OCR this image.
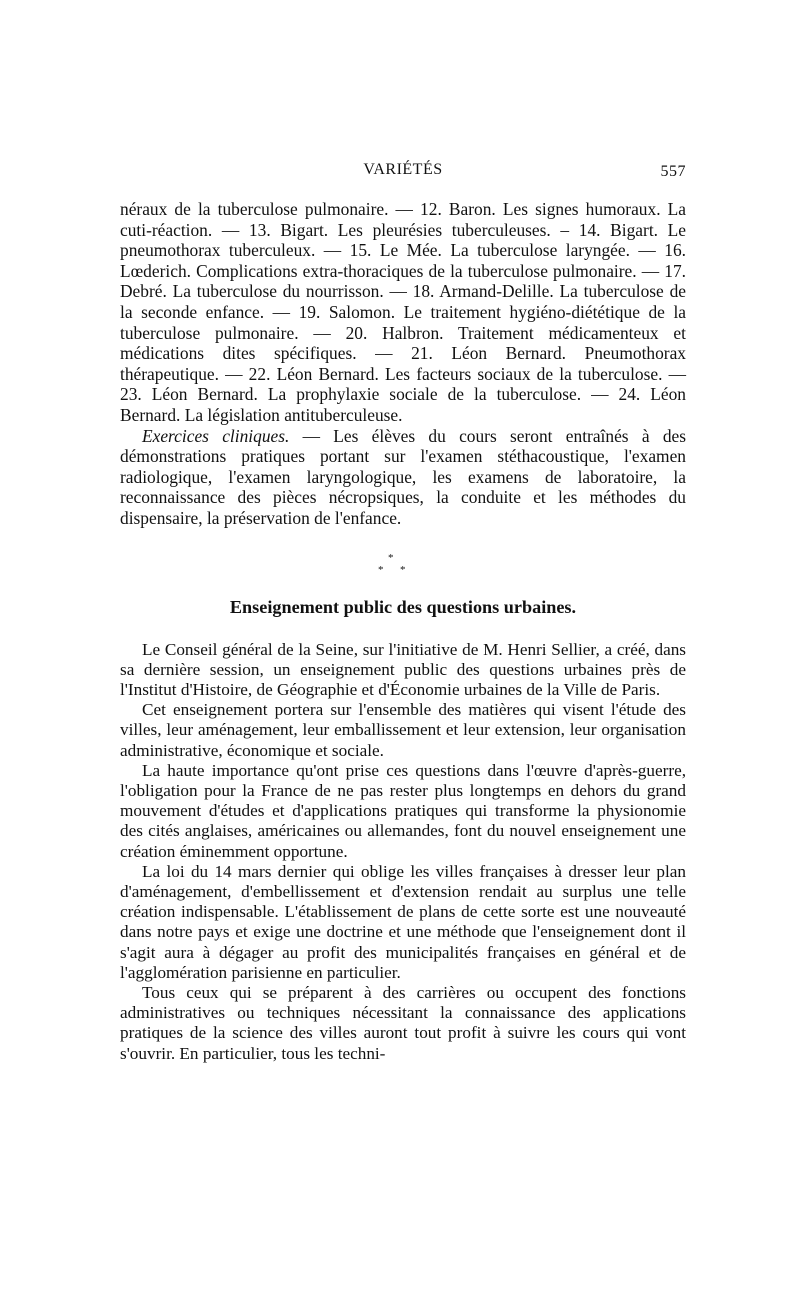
VARIÉTÉS	557

néraux de la tuberculose pulmonaire. — 12. Baron. Les signes humoraux. La cuti-réaction. — 13. Bigart. Les pleurésies tuberculeuses. – 14. Bigart. Le pneumothorax tuberculeux. — 15. Le Mée. La tuberculose laryngée. — 16. Lœderich. Complications extra-thoraciques de la tuberculose pulmonaire. — 17. Debré. La tuberculose du nourrisson. — 18. Armand-Delille. La tuberculose de la seconde enfance. — 19. Salomon. Le traitement hygiéno-diététique de la tuberculose pulmonaire. — 20. Halbron. Traitement médicamenteux et médications dites spécifiques. — 21. Léon Bernard. Pneumothorax thérapeutique. — 22. Léon Bernard. Les facteurs sociaux de la tuberculose. — 23. Léon Bernard. La prophylaxie sociale de la tuberculose. — 24. Léon Bernard. La législation antituberculeuse.

Exercices cliniques. — Les élèves du cours seront entraînés à des démonstrations pratiques portant sur l'examen stéthacoustique, l'examen radiologique, l'examen laryngologique, les examens de laboratoire, la reconnaissance des pièces nécropsiques, la conduite et les méthodes du dispensaire, la préservation de l'enfance.

*
* *
Enseignement public des questions urbaines.

Le Conseil général de la Seine, sur l'initiative de M. Henri Sellier, a créé, dans sa dernière session, un enseignement public des questions urbaines près de l'Institut d'Histoire, de Géographie et d'Économie urbaines de la Ville de Paris.

Cet enseignement portera sur l'ensemble des matières qui visent l'étude des villes, leur aménagement, leur emballissement et leur extension, leur organisation administrative, économique et sociale.

La haute importance qu'ont prise ces questions dans l'œuvre d'après-guerre, l'obligation pour la France de ne pas rester plus longtemps en dehors du grand mouvement d'études et d'applications pratiques qui transforme la physionomie des cités anglaises, américaines ou allemandes, font du nouvel enseignement une création éminemment opportune.

La loi du 14 mars dernier qui oblige les villes françaises à dresser leur plan d'aménagement, d'embellissement et d'extension rendait au surplus une telle création indispensable. L'établissement de plans de cette sorte est une nouveauté dans notre pays et exige une doctrine et une méthode que l'enseignement dont il s'agit aura à dégager au profit des municipalités françaises en général et de l'agglomération parisienne en particulier.

Tous ceux qui se préparent à des carrières ou occupent des fonctions administratives ou techniques nécessitant la connaissance des applications pratiques de la science des villes auront tout profit à suivre les cours qui vont s'ouvrir. En particulier, tous les techni-
